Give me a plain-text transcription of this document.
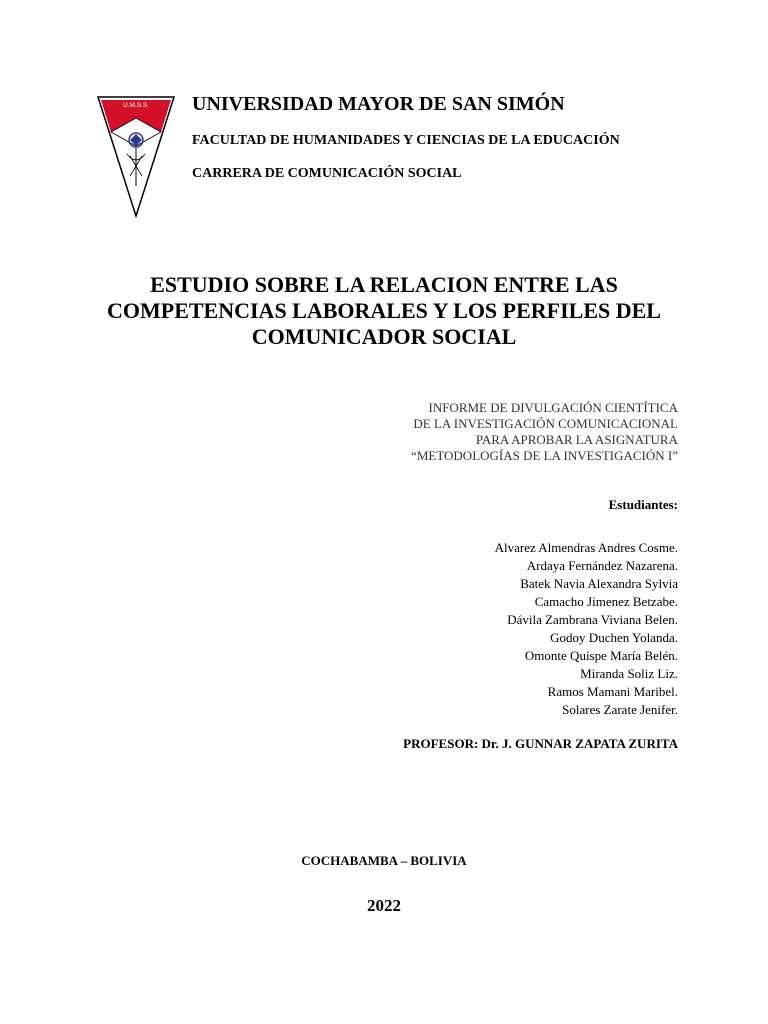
U.M.S.S. UNIVERSIDAD MAYOR DE SAN SIMÓN
FACULTAD DE HUMANIDADES Y CIENCIAS DE LA EDUCACIÓN
CARRERA DE COMUNICACIÓN SOCIAL
ESTUDIO SOBRE LA RELACION ENTRE LAS
COMPETENCIAS LABORALES Y LOS PERFILES DEL
COMUNICADOR SOCIAL
INFORME DE DIVULGACIÓN CIENTÍTICA
DE LA INVESTIGACIÓN COMUNICACIONAL
PARA APROBAR LA ASIGNATURA
“METODOLOGÍAS DE LA INVESTIGACIÓN I”
Estudiantes:
Alvarez Almendras Andres Cosme.
Ardaya Fernández Nazarena.
Batek Navia Alexandra Sylvia
Camacho Jimenez Betzabe.
Dávila Zambrana Viviana Belen.
Godoy Duchen Yolanda.
Omonte Quispe María Belén.
Miranda Soliz Liz.
Ramos Mamani Maribel.
Solares Zarate Jenifer.
PROFESOR: Dr. J. GUNNAR ZAPATA ZURITA
COCHABAMBA – BOLIVIA
2022
